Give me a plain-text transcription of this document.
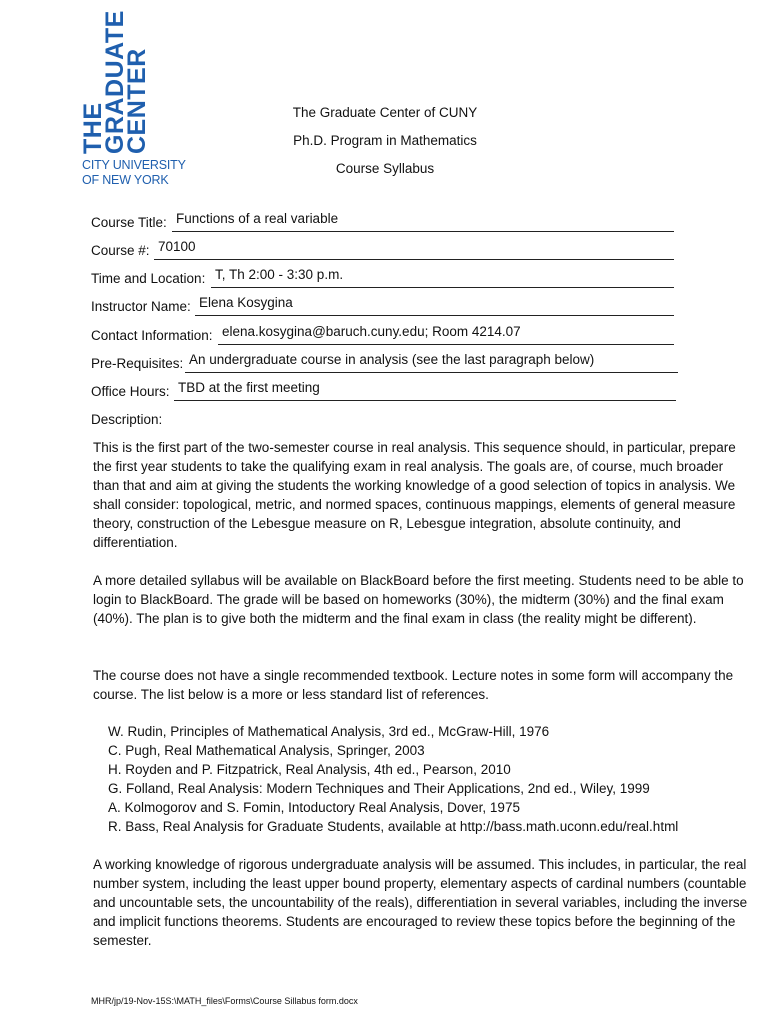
THE
GRADUATE
CENTER
CITY UNIVERSITY
OF NEW YORK
The Graduate Center of CUNY
Ph.D. Program in Mathematics
Course Syllabus
Course Title: Functions of a real variable
Course #: 70100
Time and Location: T, Th 2:00 - 3:30 p.m.
Instructor Name: Elena Kosygina
Contact Information: elena.kosygina@baruch.cuny.edu; Room 4214.07
Pre-Requisites: An undergraduate course in analysis (see the last paragraph below)
Office Hours: TBD at the first meeting
Description:
This is the first part of the two-semester course in real analysis. This sequence should, in particular, prepare the first year students to take the qualifying exam in real analysis. The goals are, of course, much broader than that and aim at giving the students the working knowledge of a good selection of topics in analysis. We shall consider: topological, metric, and normed spaces, continuous mappings, elements of general measure theory, construction of the Lebesgue measure on R, Lebesgue integration, absolute continuity, and differentiation.
A more detailed syllabus will be available on BlackBoard before the first meeting. Students need to be able to login to BlackBoard. The grade will be based on homeworks (30%), the midterm (30%) and the final exam (40%). The plan is to give both the midterm and the final exam in class (the reality might be different).
The course does not have a single recommended textbook. Lecture notes in some form will accompany the course. The list below is a more or less standard list of references.
W. Rudin, Principles of Mathematical Analysis, 3rd ed., McGraw-Hill, 1976
C. Pugh, Real Mathematical Analysis, Springer, 2003
H. Royden and P. Fitzpatrick, Real Analysis, 4th ed., Pearson, 2010
G. Folland, Real Analysis: Modern Techniques and Their Applications, 2nd ed., Wiley, 1999
A. Kolmogorov and S. Fomin, Intoductory Real Analysis, Dover, 1975
R. Bass, Real Analysis for Graduate Students, available at http://bass.math.uconn.edu/real.html
A working knowledge of rigorous undergraduate analysis will be assumed. This includes, in particular, the real number system, including the least upper bound property, elementary aspects of cardinal numbers (countable and uncountable sets, the uncountability of the reals), differentiation in several variables, including the inverse and implicit functions theorems. Students are encouraged to review these topics before the beginning of the semester.
MHR/jp/19-Nov-15S:\MATH_files\Forms\Course Sillabus form.docx
